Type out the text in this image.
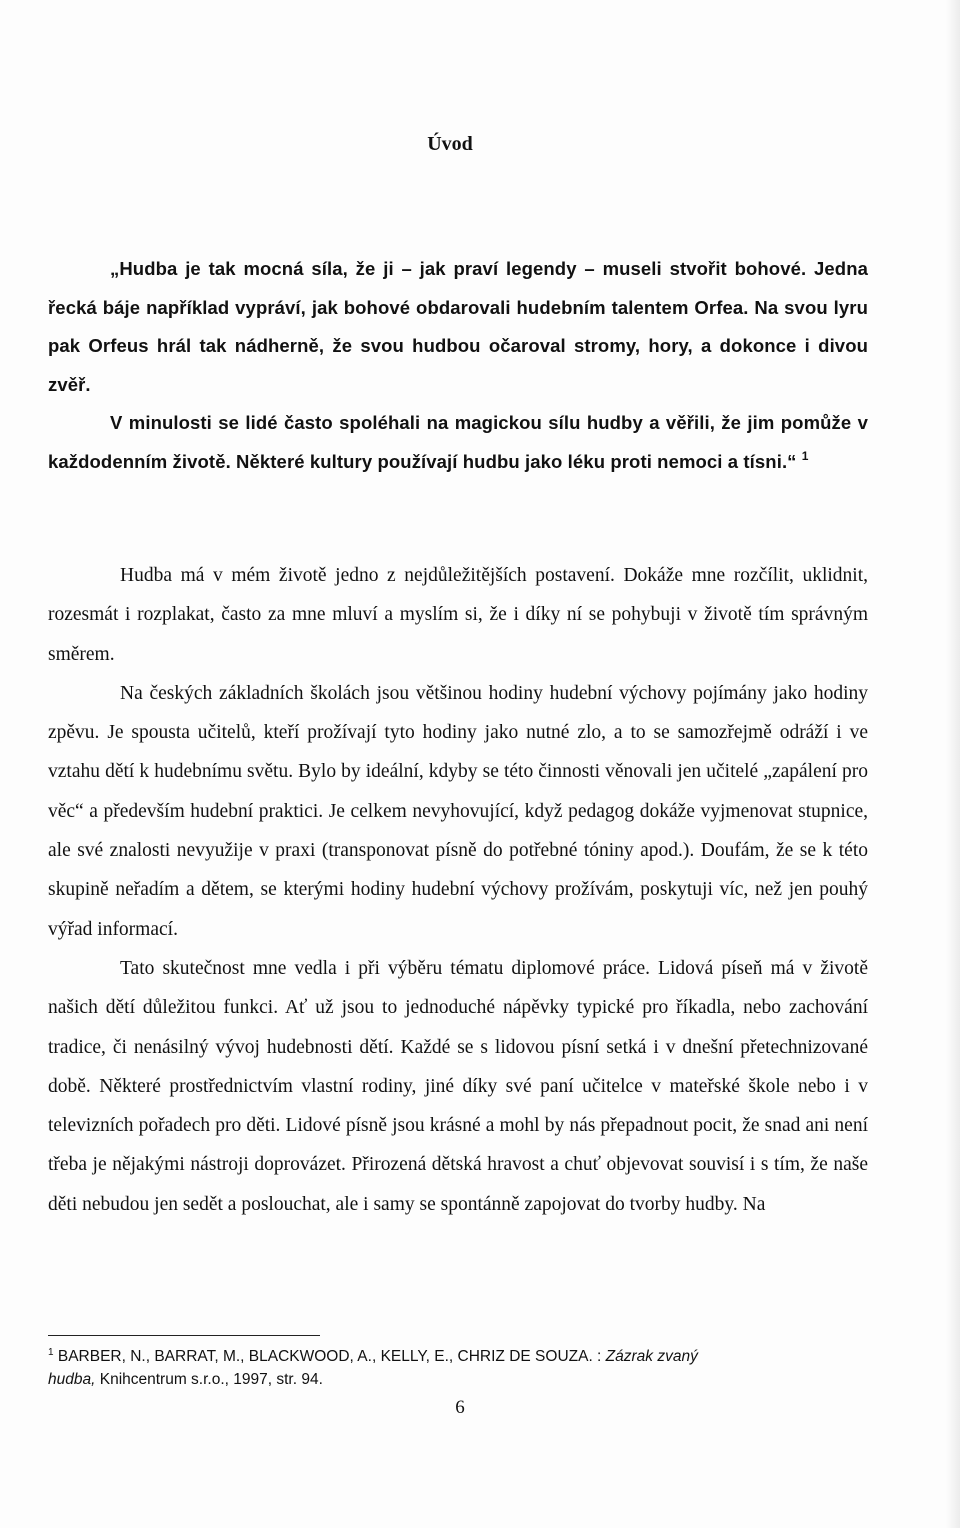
Úvod

„Hudba je tak mocná síla, že ji – jak praví legendy – museli stvořit bohové. Jedna řecká báje například vypráví, jak bohové obdarovali hudebním talentem Orfea. Na svou lyru pak Orfeus hrál tak nádherně, že svou hudbou očaroval stromy, hory, a dokonce i divou zvěř.

V minulosti se lidé často spoléhali na magickou sílu hudby a věřili, že jim pomůže v každodenním životě. Některé kultury používají hudbu jako léku proti nemoci a tísni.“ $^1$

Hudba má v mém životě jedno z nejdůležitějších postavení. Dokáže mne rozčílit, uklidnit, rozesmát i rozplakat, často za mne mluví a myslím si, že i díky ní se pohybuji v životě tím správným směrem.

Na českých základních školách jsou většinou hodiny hudební výchovy pojímány jako hodiny zpěvu. Je spousta učitelů, kteří prožívají tyto hodiny jako nutné zlo, a to se samozřejmě odráží i ve vztahu dětí k hudebnímu světu. Bylo by ideální, kdyby se této činnosti věnovali jen učitelé „zapálení pro věc“ a především hudební praktici. Je celkem nevyhovující, když pedagog dokáže vyjmenovat stupnice, ale své znalosti nevyužije v praxi (transponovat písně do potřebné tóniny apod.). Doufám, že se k této skupině neřadím a dětem, se kterými hodiny hudební výchovy prožívám, poskytuji víc, než jen pouhý výřad informací.

Tato skutečnost mne vedla i při výběru tématu diplomové práce. Lidová píseň má v životě našich dětí důležitou funkci. Ať už jsou to jednoduché nápěvky typické pro říkadla, nebo zachování tradice, či nenásilný vývoj hudebnosti dětí. Každé se s lidovou písní setká i v dnešní přetechnizované době. Některé prostřednictvím vlastní rodiny, jiné díky své paní učitelce v mateřské škole nebo i v televizních pořadech pro děti. Lidové písně jsou krásné a mohl by nás přepadnout pocit, že snad ani není třeba je nějakými nástroji doprovázet. Přirozená dětská hravost a chuť objevovat souvisí i s tím, že naše děti nebudou jen sedět a poslouchat, ale i samy se spontánně zapojovat do tvorby hudby. Na

$^1$ BARBER, N., BARRAT, M., BLACKWOOD, A., KELLY, E., CHRIZ DE SOUZA. : Zázrak zvaný
hudba, Knihcentrum s.r.o., 1997, str. 94.
6
